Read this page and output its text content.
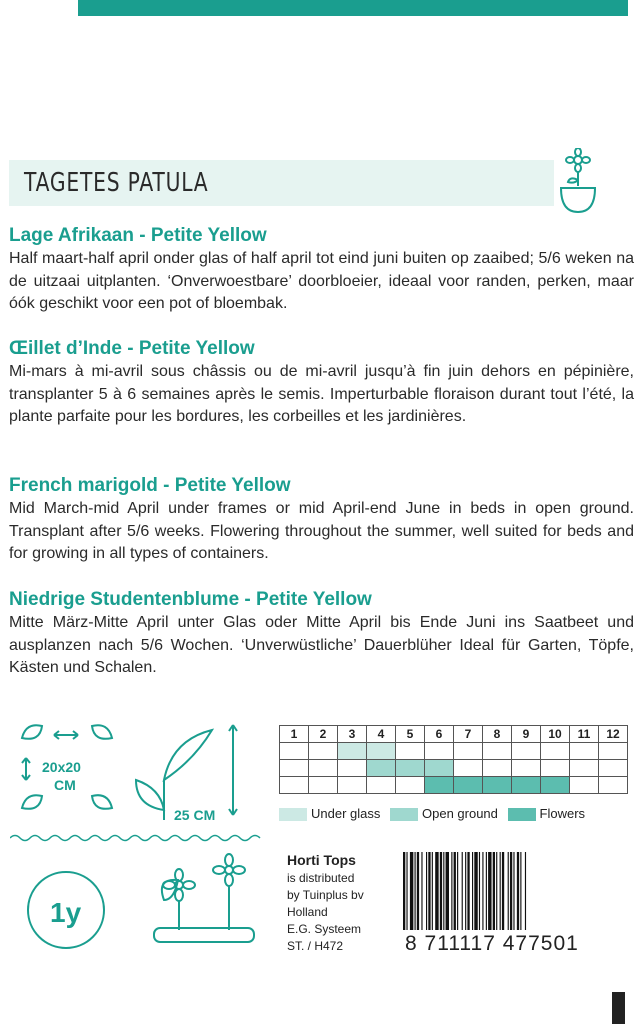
TAGETES PATULA
Lage Afrikaan - Petite Yellow

Half maart-half april onder glas of half april tot eind juni buiten op zaaibed; 5/6 weken na de uitzaai uitplanten. ‘Onverwoestbare’ doorbloeier, ideaal voor randen, perken, maar óók geschikt voor een pot of bloembak.

Œillet d’Inde - Petite Yellow

Mi-mars à mi-avril sous châssis ou de mi-avril jusqu’à fin juin dehors en pépinière, transplanter 5 à 6 semaines après le semis. Imperturbable floraison durant tout l’été, la plante parfaite pour les bordures, les corbeilles et les jardinières.

French marigold - Petite Yellow

Mid March-mid April under frames or mid April-end June in beds in open ground. Transplant after 5/6 weeks. Flowering throughout the summer, well suited for beds and for growing in all types of containers.

Niedrige Studentenblume - Petite Yellow

Mitte März-Mitte April unter Glas oder Mitte April bis Ende Juni ins Saatbeet und ausplanzen nach 5/6 Wochen. ‘Unverwüstliche’ Dauerblüher Ideal für Garten, Töpfe, Kästen und Schalen.

20x20
CM
25 CM
1y
1	2	3	4	5	6	7	8	9	10	11	12

Under glass	Open ground	Flowers
Horti Tops
is distributed
by Tuinplus bv
Holland
E.G. Systeem
ST. / H472	8 711117 477501
